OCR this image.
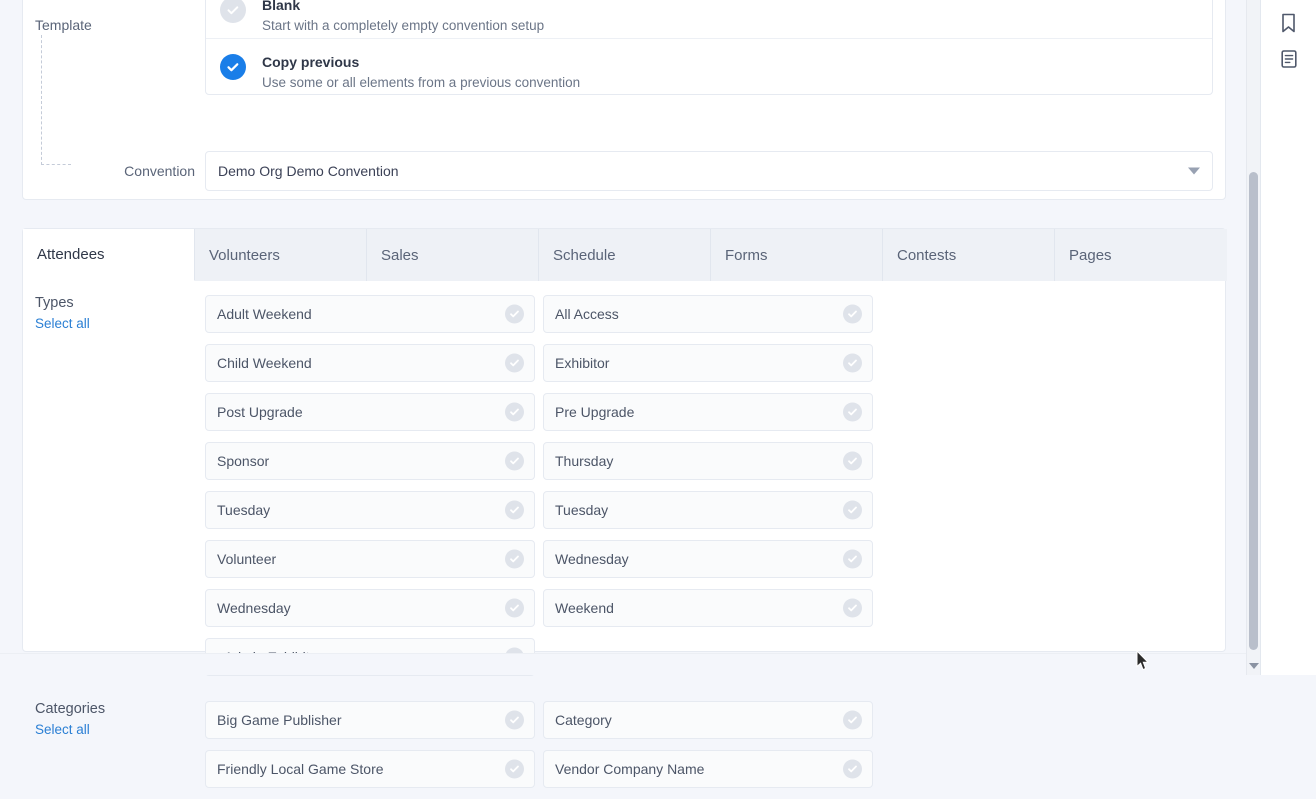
Template
Blank
Start with a completely empty convention setup
Copy previous
Use some or all elements from a previous convention
Convention	Demo Org Demo Convention
Attendees	Volunteers	Sales	Schedule	Forms	Contests	Pages
Types
Select all
Adult Weekend	All Access
Child Weekend	Exhibitor
Post Upgrade	Pre Upgrade
Sponsor	Thursday
Tuesday	Tuesday
Volunteer	Wednesday
Wednesday	Weekend
Categories
Select all
Big Game Publisher	Category
Friendly Local Game Store	Vendor Company Name
